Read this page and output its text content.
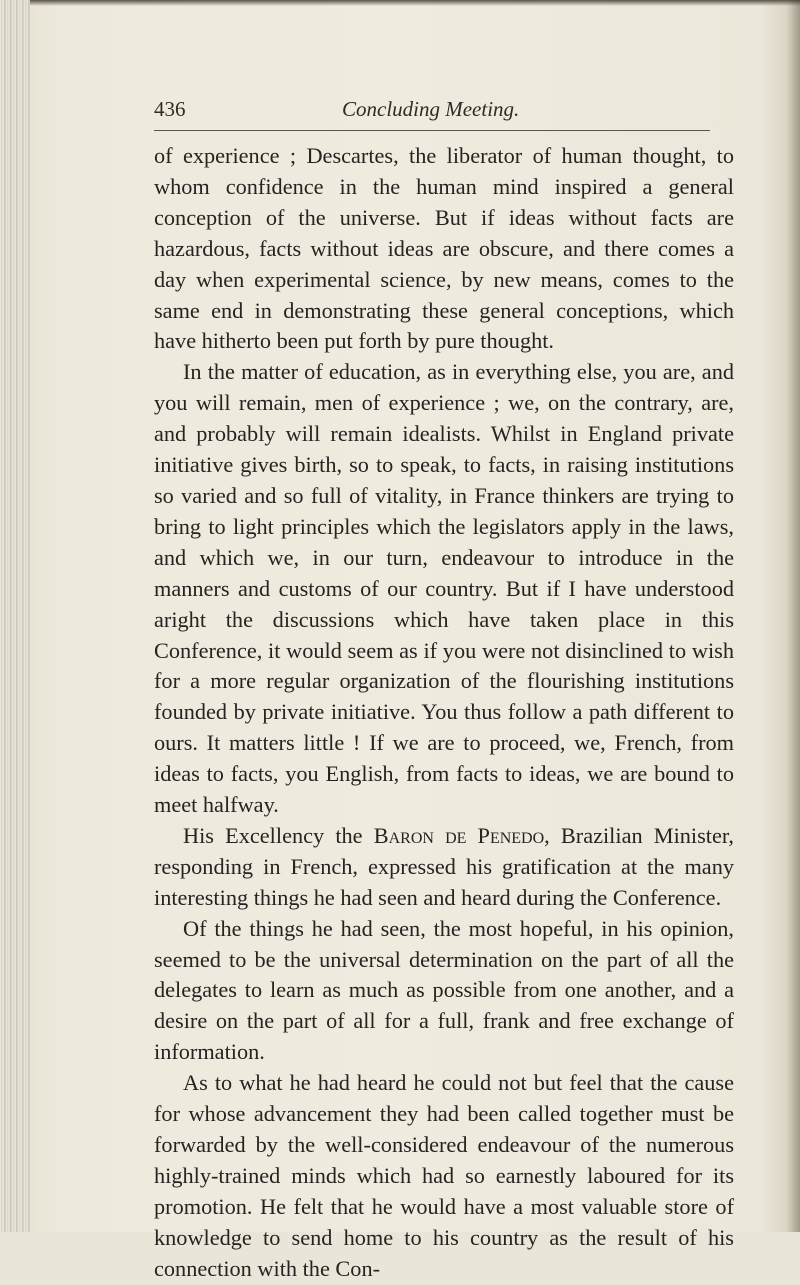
436	Concluding Meeting.

of experience ; Descartes, the liberator of human thought, to whom confidence in the human mind inspired a general conception of the universe. But if ideas without facts are hazardous, facts without ideas are obscure, and there comes a day when experimental science, by new means, comes to the same end in demonstrating these general conceptions, which have hitherto been put forth by pure thought.

In the matter of education, as in everything else, you are, and you will remain, men of experience ; we, on the contrary, are, and probably will remain idealists. Whilst in England private initiative gives birth, so to speak, to facts, in raising institutions so varied and so full of vitality, in France thinkers are trying to bring to light principles which the legislators apply in the laws, and which we, in our turn, endeavour to introduce in the manners and customs of our country. But if I have understood aright the discussions which have taken place in this Conference, it would seem as if you were not disinclined to wish for a more regular organization of the flourishing institutions founded by private initiative. You thus follow a path different to ours. It matters little ! If we are to proceed, we, French, from ideas to facts, you English, from facts to ideas, we are bound to meet halfway.

His Excellency the Baron de Penedo, Brazilian Minister, responding in French, expressed his gratification at the many interesting things he had seen and heard during the Conference.

Of the things he had seen, the most hopeful, in his opinion, seemed to be the universal determination on the part of all the delegates to learn as much as possible from one another, and a desire on the part of all for a full, frank and free exchange of information.

As to what he had heard he could not but feel that the cause for whose advancement they had been called together must be forwarded by the well-considered endeavour of the numerous highly-trained minds which had so earnestly laboured for its promotion. He felt that he would have a most valuable store of knowledge to send home to his country as the result of his connection with the Con-
